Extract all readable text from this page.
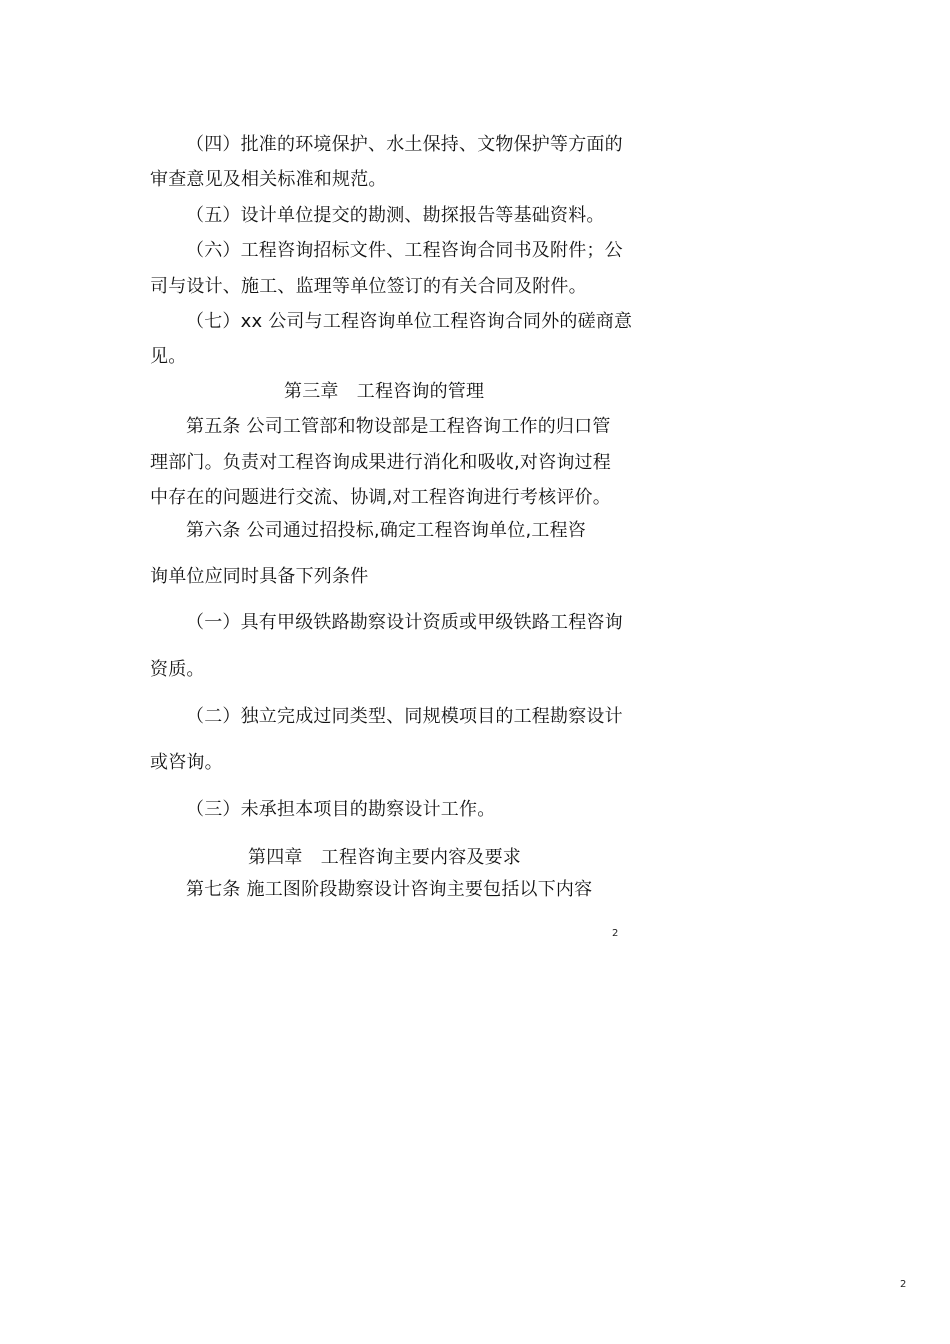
（四）批准的环境保护、水土保持、文物保护等方面的
审查意见及相关标准和规范。
（五）设计单位提交的勘测、勘探报告等基础资料。
（六）工程咨询招标文件、工程咨询合同书及附件；公
司与设计、施工、监理等单位签订的有关合同及附件。
（七）xx 公司与工程咨询单位工程咨询合同外的磋商意
见。
第三章　工程咨询的管理
第五条 公司工管部和物设部是工程咨询工作的归口管
理部门。负责对工程咨询成果进行消化和吸收,对咨询过程
中存在的问题进行交流、协调,对工程咨询进行考核评价。
第六条 公司通过招投标,确定工程咨询单位,工程咨
询单位应同时具备下列条件
（一）具有甲级铁路勘察设计资质或甲级铁路工程咨询
资质。
（二）独立完成过同类型、同规模项目的工程勘察设计
或咨询。
（三）未承担本项目的勘察设计工作。
第四章　工程咨询主要内容及要求
第七条 施工图阶段勘察设计咨询主要包括以下内容
2
2
